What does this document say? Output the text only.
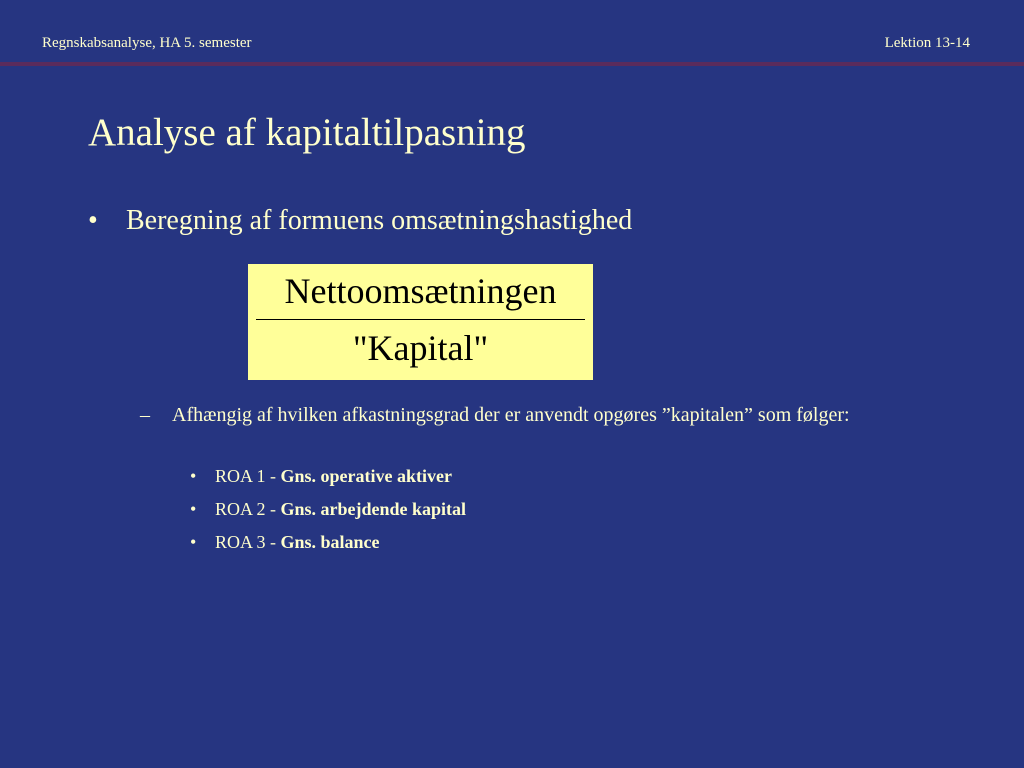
Regnskabsanalyse, HA 5. semester	Lektion 13-14
Analyse af kapitaltilpasning
• Beregning af formuens omsætningshastighed
Nettoomsætningen
"Kapital"
– Afhængig af hvilken afkastningsgrad der er anvendt opgøres ”kapitalen” som følger:
• ROA 1 - Gns. operative aktiver
• ROA 2 - Gns. arbejdende kapital
• ROA 3 - Gns. balance
